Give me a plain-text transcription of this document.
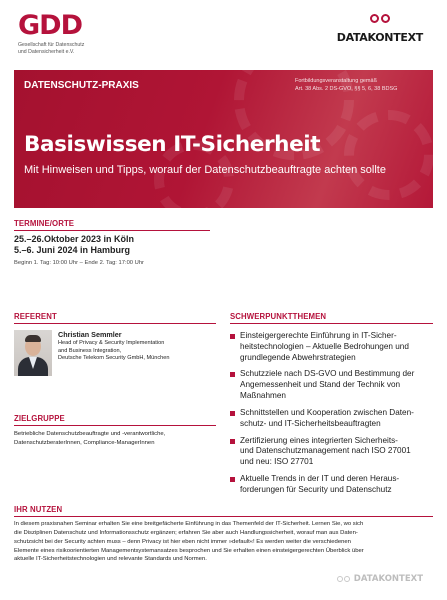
GDD
Gesellschaft für Datenschutz
und Datensicherheit e.V.
DATAKONTEXT
DATENSCHUTZ-PRAXIS	Fortbildungsveranstaltung gemäß
Art. 38 Abs. 2 DS-GVO, §§ 5, 6, 38 BDSG
Basiswissen IT-Sicherheit
Mit Hinweisen und Tipps, worauf der Datenschutzbeauftragte achten sollte
TERMINE/ORTE
25.–26.Oktober 2023 in Köln
5.–6. Juni 2024 in Hamburg
Beginn 1. Tag: 10:00 Uhr – Ende 2. Tag: 17:00 Uhr
REFERENT
Christian Semmler
Head of Privacy & Security Implementation
and Business Integration,
Deutsche Telekom Security GmbH, München
ZIELGRUPPE
Betriebliche Datenschutzbeauftragte und -verantwortliche,
DatenschutzberaterInnen, Compliance-ManagerInnen
SCHWERPUNKTTHEMEN
Einsteigergerechte Einführung in IT-Sicher-
heitstechnologien – Aktuelle Bedrohungen und
grundlegende Abwehrstrategien
Schutzziele nach DS-GVO und Bestimmung der
Angemessenheit und Stand der Technik von
Maßnahmen
Schnittstellen und Kooperation zwischen Daten-
schutz- und IT-Sicherheitsbeauftragten
Zertifizierung eines integrierten Sicherheits-
und Datenschutzmanagement nach ISO 27001
und neu: ISO 27701
Aktuelle Trends in der IT und deren Heraus-
forderungen für Security und Datenschutz
IHR NUTZEN
In diesem praxisnahen Seminar erhalten Sie eine breitgefächerte Einführung in das Themenfeld der IT-Sicherheit. Lernen Sie, wo sich
die Disziplinen Datenschutz und Informationsschutz ergänzen; erfahren Sie aber auch Handlungssicherheit, worauf man aus Daten-
schutzsicht bei der Security achten muss – denn Privacy ist hier eben nicht immer »default«! Es werden weiter die verschiedenen
Elemente eines risikoorientierten Managementsystemansatzes besprochen und Sie erhalten einen einsteigergerechten Überblick über
aktuelle IT-Sicherheitstechnologien und relevante Standards und Normen.
DATAKONTEXT
